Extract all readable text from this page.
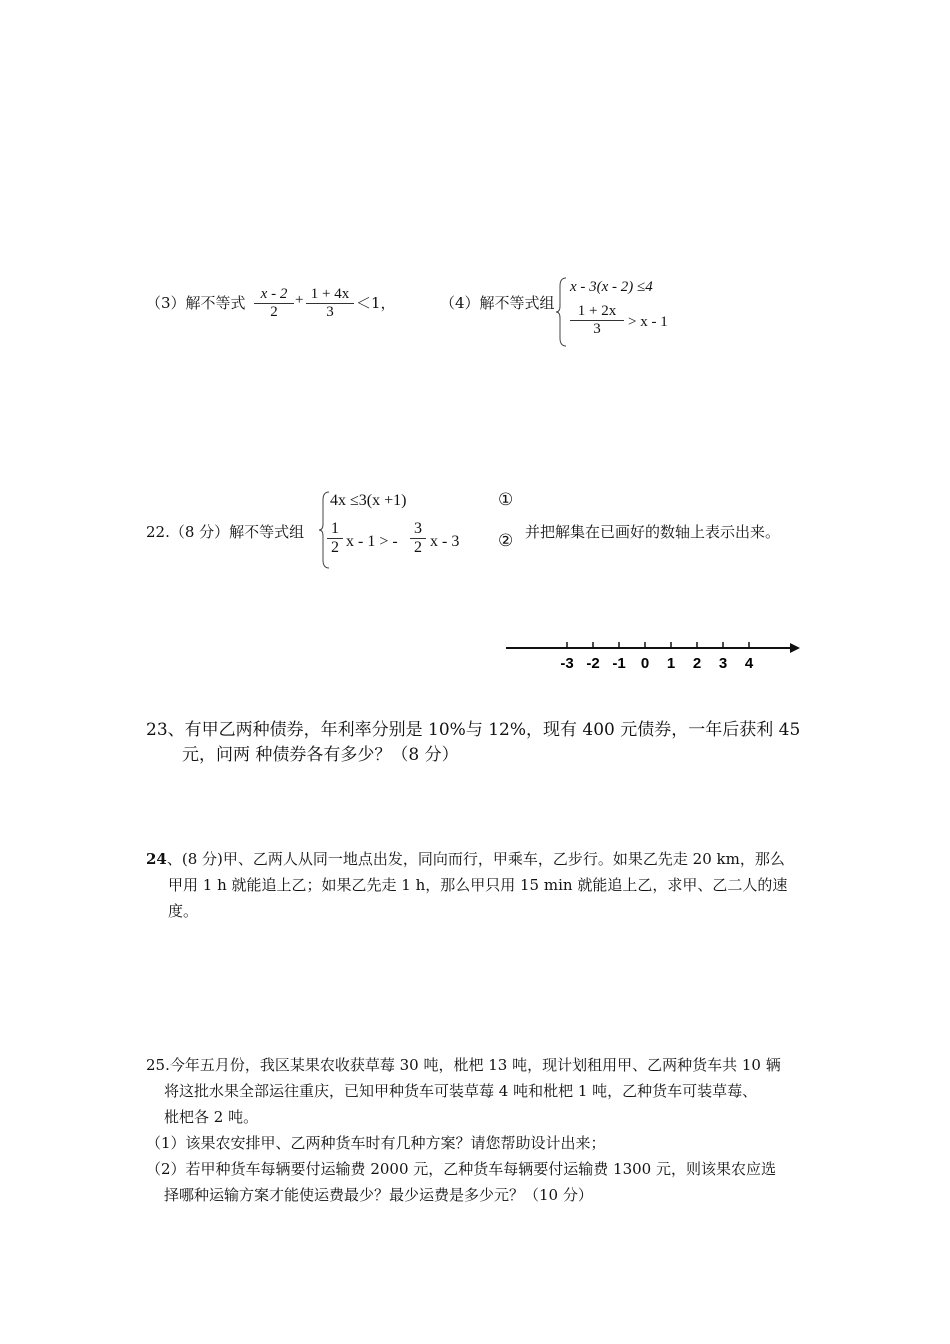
（3）解不等式 $\frac{x - 2}{2} + \frac{1 + 4x}{3} <1$，	（4）解不等式组
x - 3(x - 2) ≤4
$\frac{1 + 2x}{3} > x - 1$
22.（8 分）解不等式组
4x ≤3(x +1)
$\frac{1}{2}$ x - 1 > - $\frac{3}{2}$ x - 3
①
② 并把解集在已画好的数轴上表示出来。
-3 -2 -1 0 1 2 3 4
23、有甲乙两种债券，年利率分别是 10%与 12%，现有 400 元债券，一年后获利 45
元，问两 种债券各有多少？（8 分）
24、(8 分)甲、乙两人从同一地点出发，同向而行，甲乘车，乙步行。如果乙先走 20 km，那么
甲用 1 h 就能追上乙；如果乙先走 1 h，那么甲只用 15 min 就能追上乙，求甲、乙二人的速
度。
25.今年五月份，我区某果农收获草莓 30 吨，枇杷 13 吨，现计划租用甲、乙两种货车共 10 辆
将这批水果全部运往重庆，已知甲种货车可装草莓 4 吨和枇杷 1 吨，乙种货车可装草莓、
枇杷各 2 吨。
（1）该果农安排甲、乙两种货车时有几种方案？请您帮助设计出来；
（2）若甲种货车每辆要付运输费 2000 元，乙种货车每辆要付运输费 1300 元，则该果农应选
择哪种运输方案才能使运费最少？最少运费是多少元？（10 分）
